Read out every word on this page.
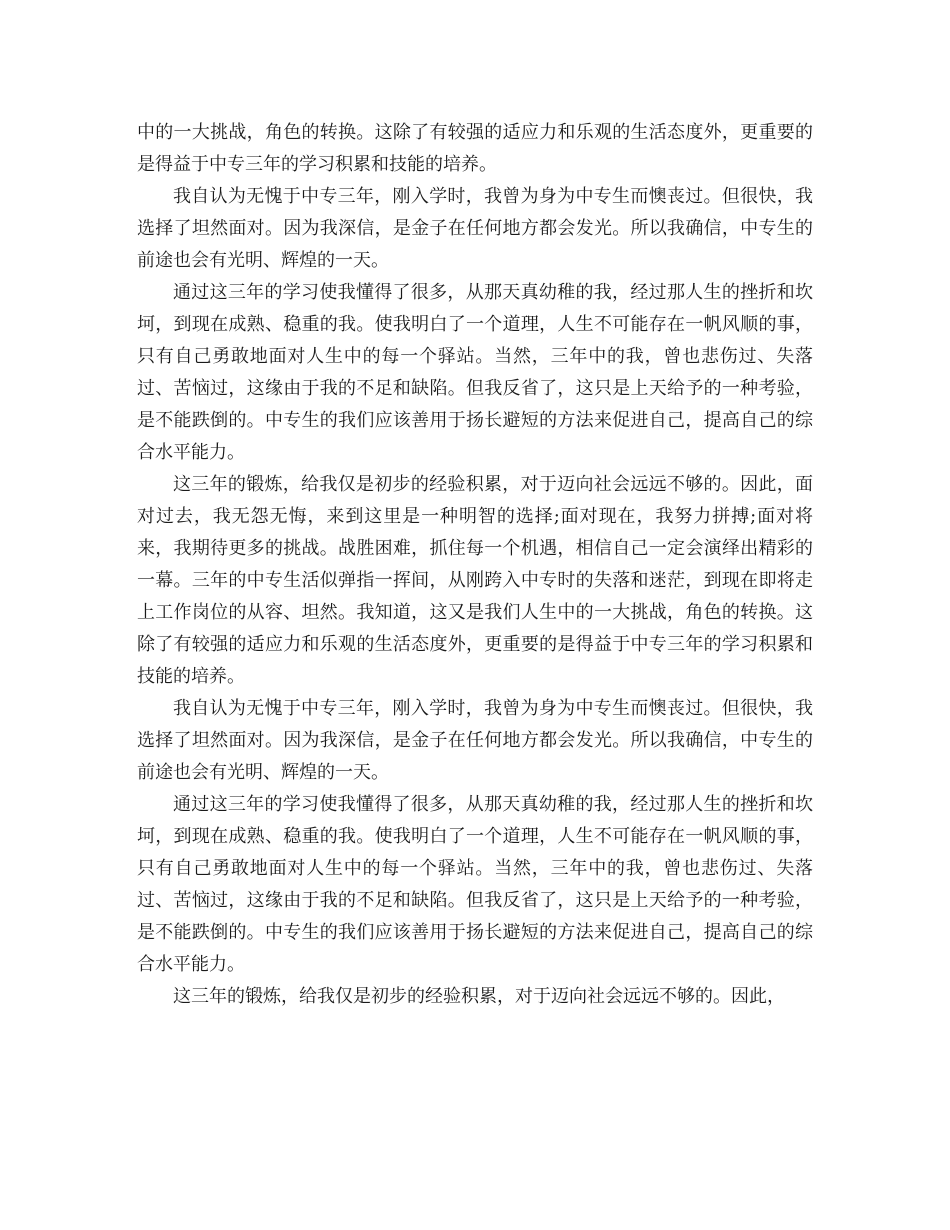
中的一大挑战，角色的转换。这除了有较强的适应力和乐观的生活态度外，更重要的是得益于中专三年的学习积累和技能的培养。

我自认为无愧于中专三年，刚入学时，我曾为身为中专生而懊丧过。但很快，我选择了坦然面对。因为我深信，是金子在任何地方都会发光。所以我确信，中专生的前途也会有光明、辉煌的一天。

通过这三年的学习使我懂得了很多，从那天真幼稚的我，经过那人生的挫折和坎坷，到现在成熟、稳重的我。使我明白了一个道理，人生不可能存在一帆风顺的事，只有自己勇敢地面对人生中的每一个驿站。当然，三年中的我，曾也悲伤过、失落过、苦恼过，这缘由于我的不足和缺陷。但我反省了，这只是上天给予的一种考验，是不能跌倒的。中专生的我们应该善用于扬长避短的方法来促进自己，提高自己的综合水平能力。

这三年的锻炼，给我仅是初步的经验积累，对于迈向社会远远不够的。因此，面对过去，我无怨无悔，来到这里是一种明智的选择;面对现在，我努力拼搏;面对将来，我期待更多的挑战。战胜困难，抓住每一个机遇，相信自己一定会演绎出精彩的一幕。三年的中专生活似弹指一挥间，从刚跨入中专时的失落和迷茫，到现在即将走上工作岗位的从容、坦然。我知道，这又是我们人生中的一大挑战，角色的转换。这除了有较强的适应力和乐观的生活态度外，更重要的是得益于中专三年的学习积累和技能的培养。

我自认为无愧于中专三年，刚入学时，我曾为身为中专生而懊丧过。但很快，我选择了坦然面对。因为我深信，是金子在任何地方都会发光。所以我确信，中专生的前途也会有光明、辉煌的一天。

通过这三年的学习使我懂得了很多，从那天真幼稚的我，经过那人生的挫折和坎坷，到现在成熟、稳重的我。使我明白了一个道理，人生不可能存在一帆风顺的事，只有自己勇敢地面对人生中的每一个驿站。当然，三年中的我，曾也悲伤过、失落过、苦恼过，这缘由于我的不足和缺陷。但我反省了，这只是上天给予的一种考验，是不能跌倒的。中专生的我们应该善用于扬长避短的方法来促进自己，提高自己的综合水平能力。

这三年的锻炼，给我仅是初步的经验积累，对于迈向社会远远不够的。因此，
